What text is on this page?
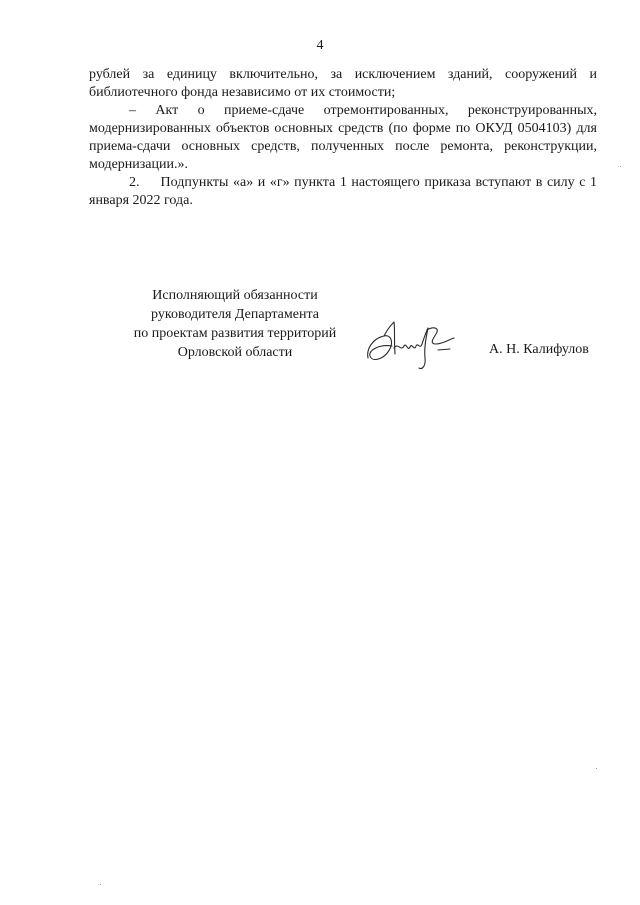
4

рублей за единицу включительно, за исключением зданий, сооружений и библиотечного фонда независимо от их стоимости;

– Акт о приеме-сдаче отремонтированных, реконструированных, модернизированных объектов основных средств (по форме по ОКУД 0504103) для приема-сдачи основных средств, полученных после ремонта, реконструкции, модернизации.».

2.  Подпункты «а» и «г» пункта 1 настоящего приказа вступают в силу с 1 января 2022 года.

Исполняющий обязанности
руководителя Департамента
по проектам развития территорий
Орловской области	А. Н. Калифулов
